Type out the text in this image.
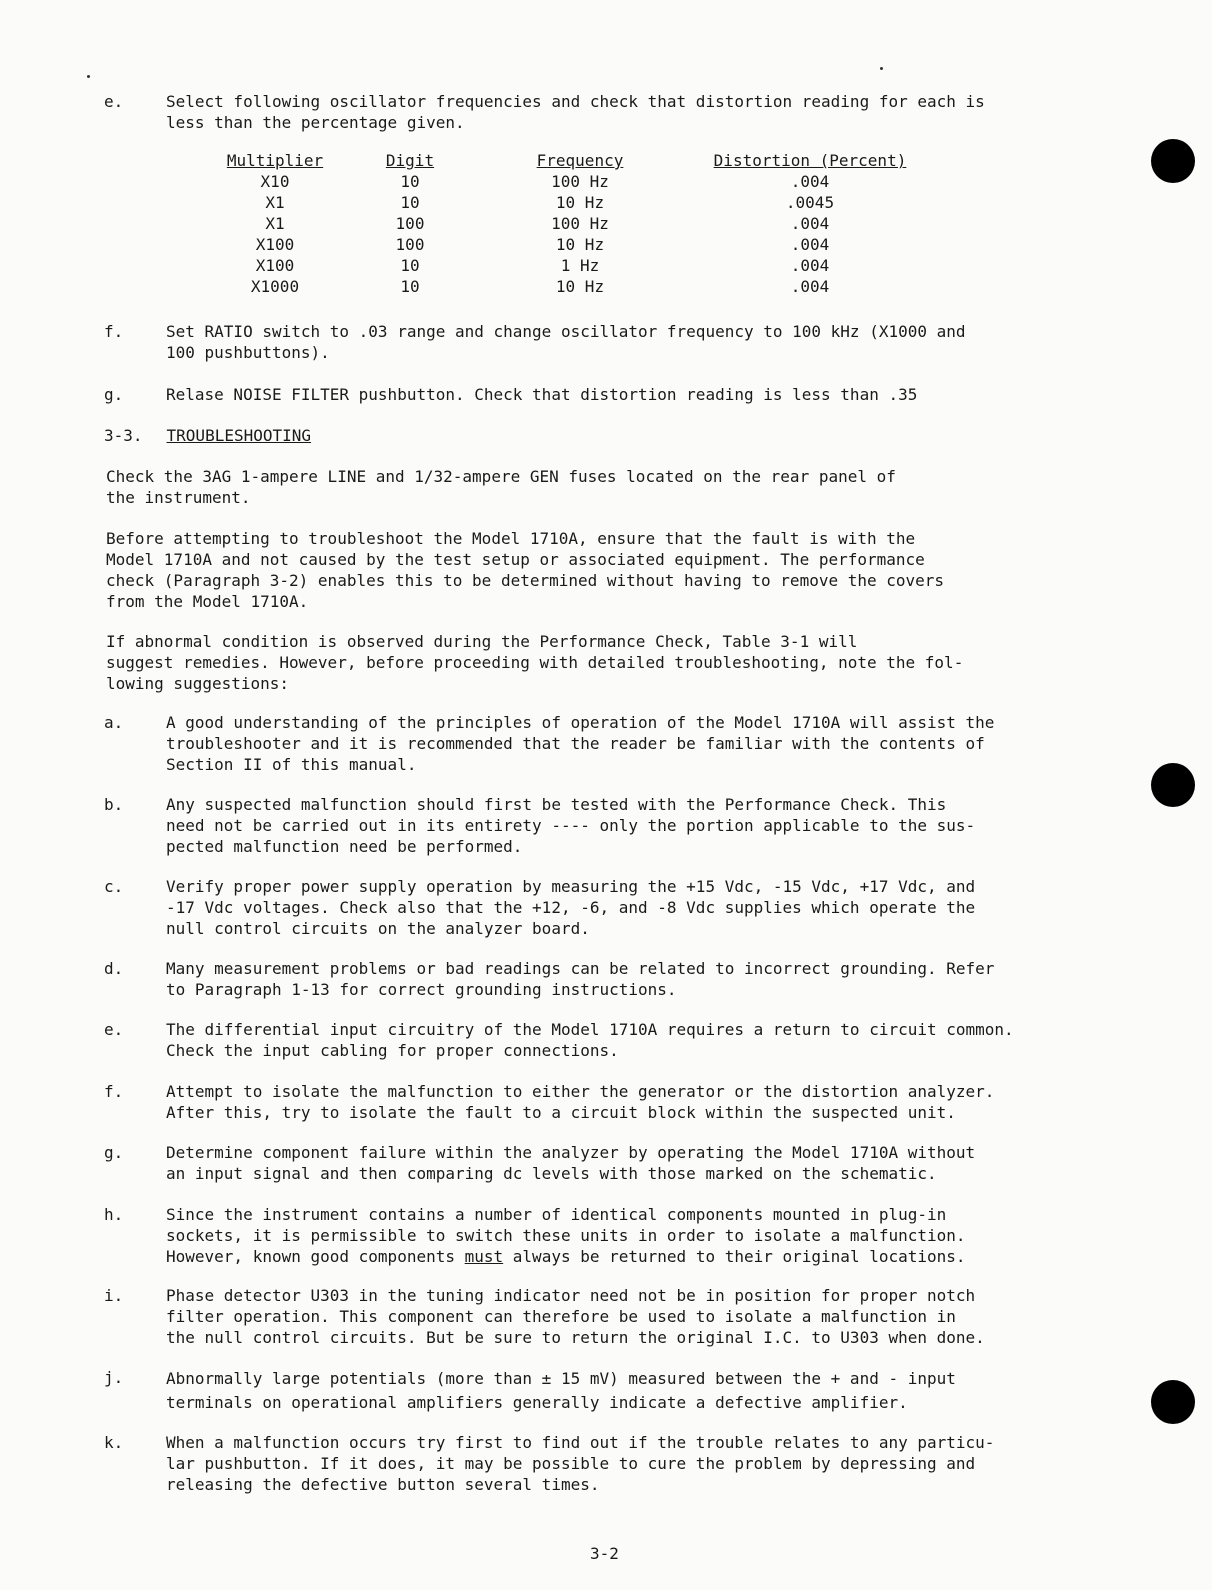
e.	Select following oscillator frequencies and check that distortion reading for each is
less than the percentage given.
Multiplier	Digit	Frequency	Distortion (Percent)
X10	10	100 Hz	.004
X1	10	10 Hz	.0045
X1	100	100 Hz	.004
X100	100	10 Hz	.004
X100	10	1 Hz	.004
X1000	10	10 Hz	.004
f.	Set RATIO switch to .03 range and change oscillator frequency to 100 kHz (X1000 and
100 pushbuttons).
g.	Relase NOISE FILTER pushbutton. Check that distortion reading is less than .35
3-3. TROUBLESHOOTING
Check the 3AG 1-ampere LINE and 1/32-ampere GEN fuses located on the rear panel of
the instrument.
Before attempting to troubleshoot the Model 1710A, ensure that the fault is with the
Model 1710A and not caused by the test setup or associated equipment. The performance
check (Paragraph 3-2) enables this to be determined without having to remove the covers
from the Model 1710A.
If abnormal condition is observed during the Performance Check, Table 3-1 will
suggest remedies. However, before proceeding with detailed troubleshooting, note the fol-
lowing suggestions:
a.	A good understanding of the principles of operation of the Model 1710A will assist the
troubleshooter and it is recommended that the reader be familiar with the contents of
Section II of this manual.
b.	Any suspected malfunction should first be tested with the Performance Check. This
need not be carried out in its entirety ---- only the portion applicable to the sus-
pected malfunction need be performed.
c.	Verify proper power supply operation by measuring the +15 Vdc, -15 Vdc, +17 Vdc, and
-17 Vdc voltages. Check also that the +12, -6, and -8 Vdc supplies which operate the
null control circuits on the analyzer board.
d.	Many measurement problems or bad readings can be related to incorrect grounding. Refer
to Paragraph 1-13 for correct grounding instructions.
e.	The differential input circuitry of the Model 1710A requires a return to circuit common.
Check the input cabling for proper connections.
f.	Attempt to isolate the malfunction to either the generator or the distortion analyzer.
After this, try to isolate the fault to a circuit block within the suspected unit.
g.	Determine component failure within the analyzer by operating the Model 1710A without
an input signal and then comparing dc levels with those marked on the schematic.
h.	Since the instrument contains a number of identical components mounted in plug-in
sockets, it is permissible to switch these units in order to isolate a malfunction.
However, known good components must always be returned to their original locations.
i.	Phase detector U303 in the tuning indicator need not be in position for proper notch
filter operation. This component can therefore be used to isolate a malfunction in
the null control circuits. But be sure to return the original I.C. to U303 when done.
j.	Abnormally large potentials (more than ± 15 mV) measured between the + and - input
terminals on operational amplifiers generally indicate a defective amplifier.
k.	When a malfunction occurs try first to find out if the trouble relates to any particu-
lar pushbutton. If it does, it may be possible to cure the problem by depressing and
releasing the defective button several times.
3-2
